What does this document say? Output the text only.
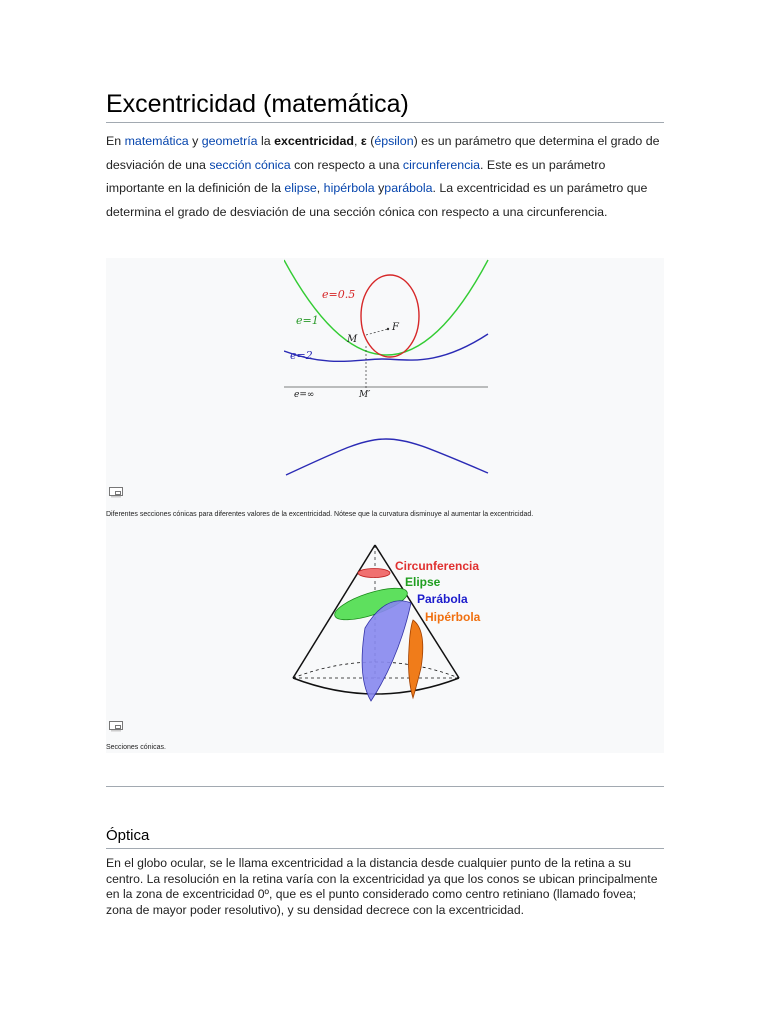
Excentricidad (matemática)

En matemática y geometría la excentricidad, ε (épsilon) es un parámetro que determina el grado de desviación de una sección cónica con respecto a una circunferencia. Este es un parámetro importante en la definición de la elipse, hipérbola yparábola. La excentricidad es un parámetro que determina el grado de desviación de una sección cónica con respecto a una circunferencia.

e=0.5
e=1
e=2
e=∞
M
F
M′
Diferentes secciones cónicas para diferentes valores de la excentricidad. Nótese que la curvatura disminuye al aumentar la excentricidad.
Circunferencia
Elipse
Parábola
Hipérbola
Secciones cónicas.
Óptica

En el globo ocular, se le llama excentricidad a la distancia desde cualquier punto de la retina a su centro. La resolución en la retina varía con la excentricidad ya que los conos se ubican principalmente en la zona de excentricidad 0º, que es el punto considerado como centro retiniano (llamado fovea; zona de mayor poder resolutivo), y su densidad decrece con la excentricidad.
